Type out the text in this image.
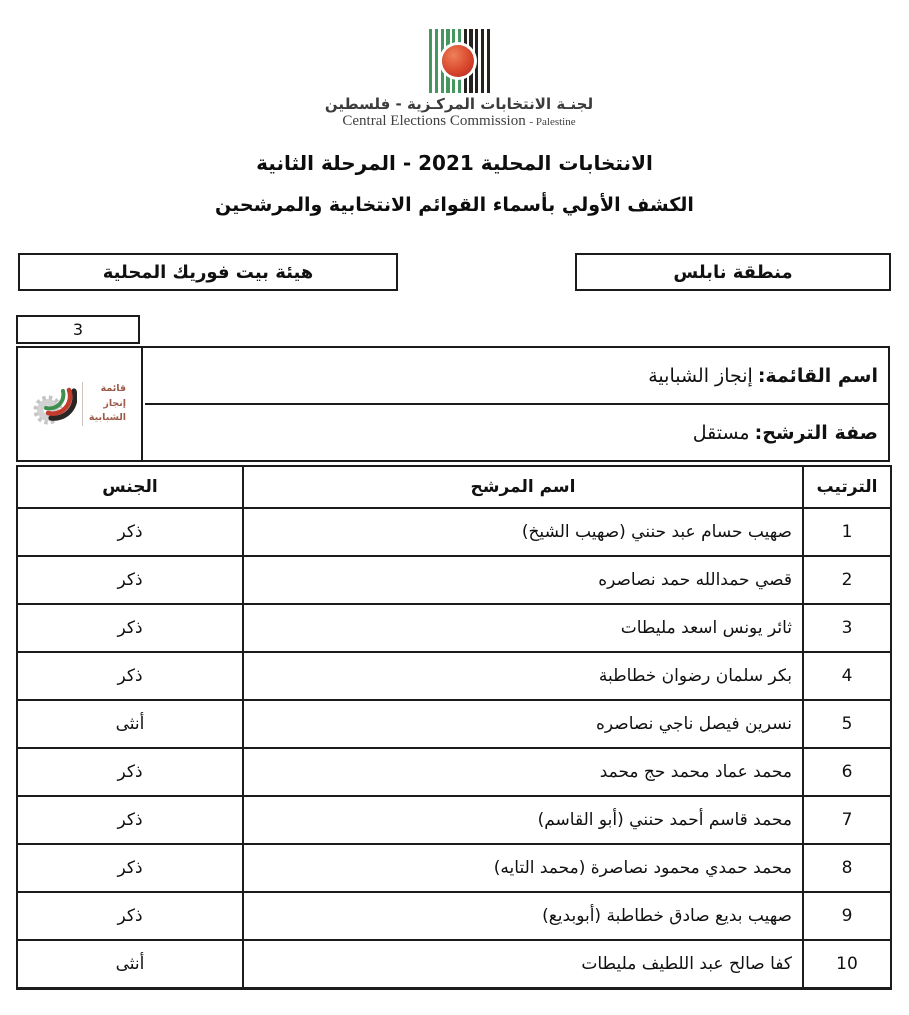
لجنـة الانتخابات المركـزية - فلسطين
Central Elections Commission - Palestine
الانتخابات المحلية 2021 - المرحلة الثانية
الكشف الأولي بأسماء القوائم الانتخابية والمرشحين
منطقة نابلس
هيئة بيت فوريك المحلية
3
قائمة
إنجاز
الشبابية
اسم القائمة:
إنجاز الشبابية
صفة الترشح:
مستقل
الترتيب	اسم المرشح	الجنس
1	صهيب حسام عبد حنني (صهيب الشيخ)	ذكر
2	قصي حمدالله حمد نصاصره	ذكر
3	ثائر يونس اسعد مليطات	ذكر
4	بكر سلمان رضوان خطاطبة	ذكر
5	نسرين فيصل ناجي نصاصره	أنثى
6	محمد عماد محمد حج محمد	ذكر
7	محمد قاسم أحمد حنني (أبو القاسم)	ذكر
8	محمد حمدي محمود نصاصرة (محمد التايه)	ذكر
9	صهيب بديع صادق خطاطبة (أبوبديع)	ذكر
10	كفا صالح عبد اللطيف مليطات	أنثى
